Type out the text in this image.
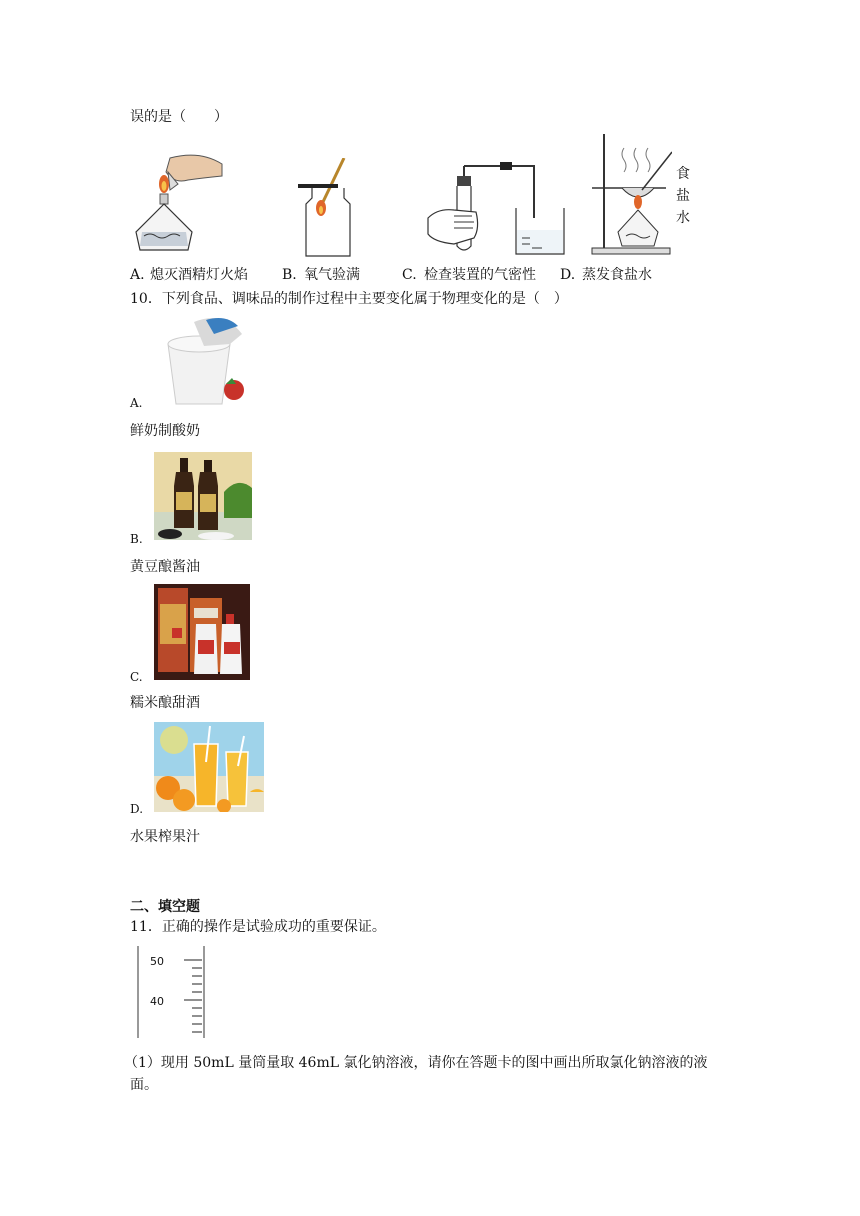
误的是（　　）
食
盐
水
A. 熄灭酒精灯火焰 B. 氧气验满	C. 检查装置的气密性 D. 蒸发食盐水
10．下列食品、调味品的制作过程中主要变化属于物理变化的是（　）
A.
鲜奶制酸奶
B.
黄豆酿酱油
C.
糯米酿甜酒
D.
水果榨果汁
二、填空题
11．正确的操作是试验成功的重要保证。
50
40
（1）现用 50mL 量筒量取 46mL 氯化钠溶液，请你在答题卡的图中画出所取氯化钠溶液的液
面。
